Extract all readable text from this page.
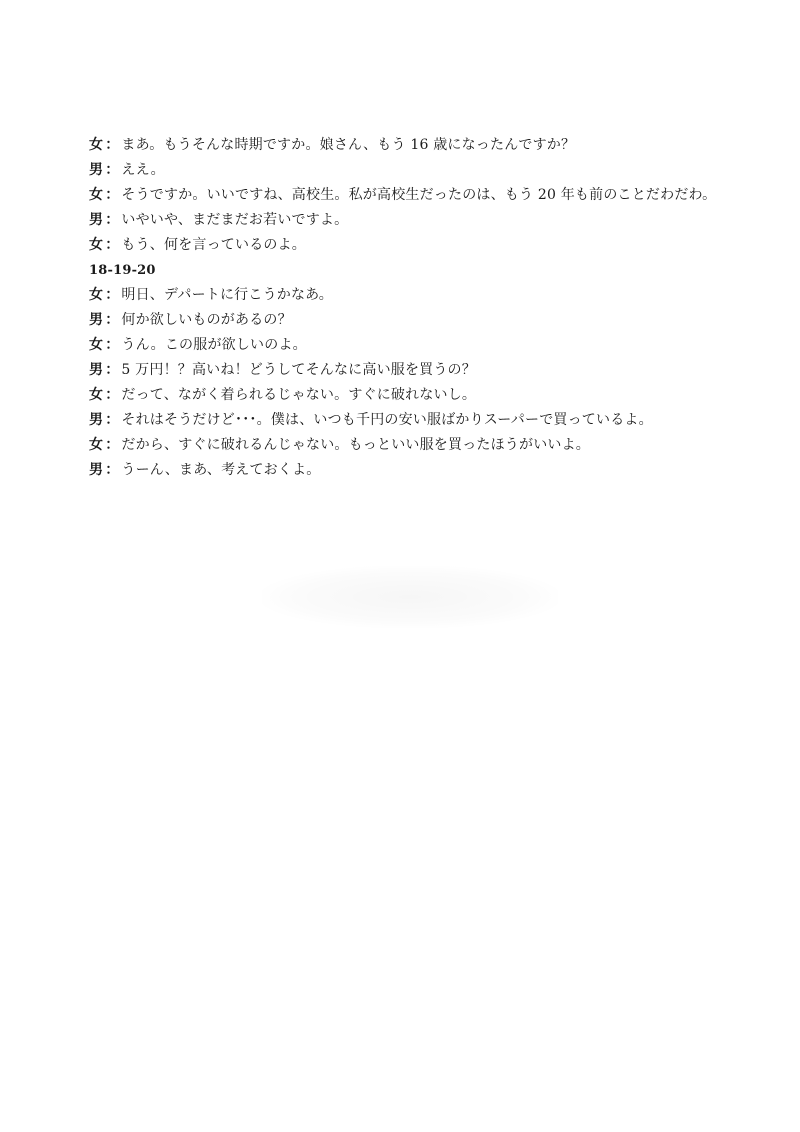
女 ： まあ。もうそんな時期ですか。娘さん、もう 16 歳になったんですか？
男 ： ええ。
女 ： そうですか。いいですね、高校生。私が高校生だったのは、もう 20 年も前のことだわだわ。
男 ： いやいや、まだまだお若いですよ。
女 ： もう、何を言っているのよ。
18-19-20
女 ： 明日、デパートに行こうかなあ。
男 ： 何か欲しいものがあるの？
女 ： うん。この服が欲しいのよ。
男 ： 5 万円！？高いね！どうしてそんなに高い服を買うの？
女 ： だって、ながく着られるじゃない。すぐに破れないし。
男 ： それはそうだけど･･･。僕は、いつも千円の安い服ばかりスーパーで買っているよ。
女 ： だから、すぐに破れるんじゃない。もっといい服を買ったほうがいいよ。
男 ： うーん、まあ、考えておくよ。
